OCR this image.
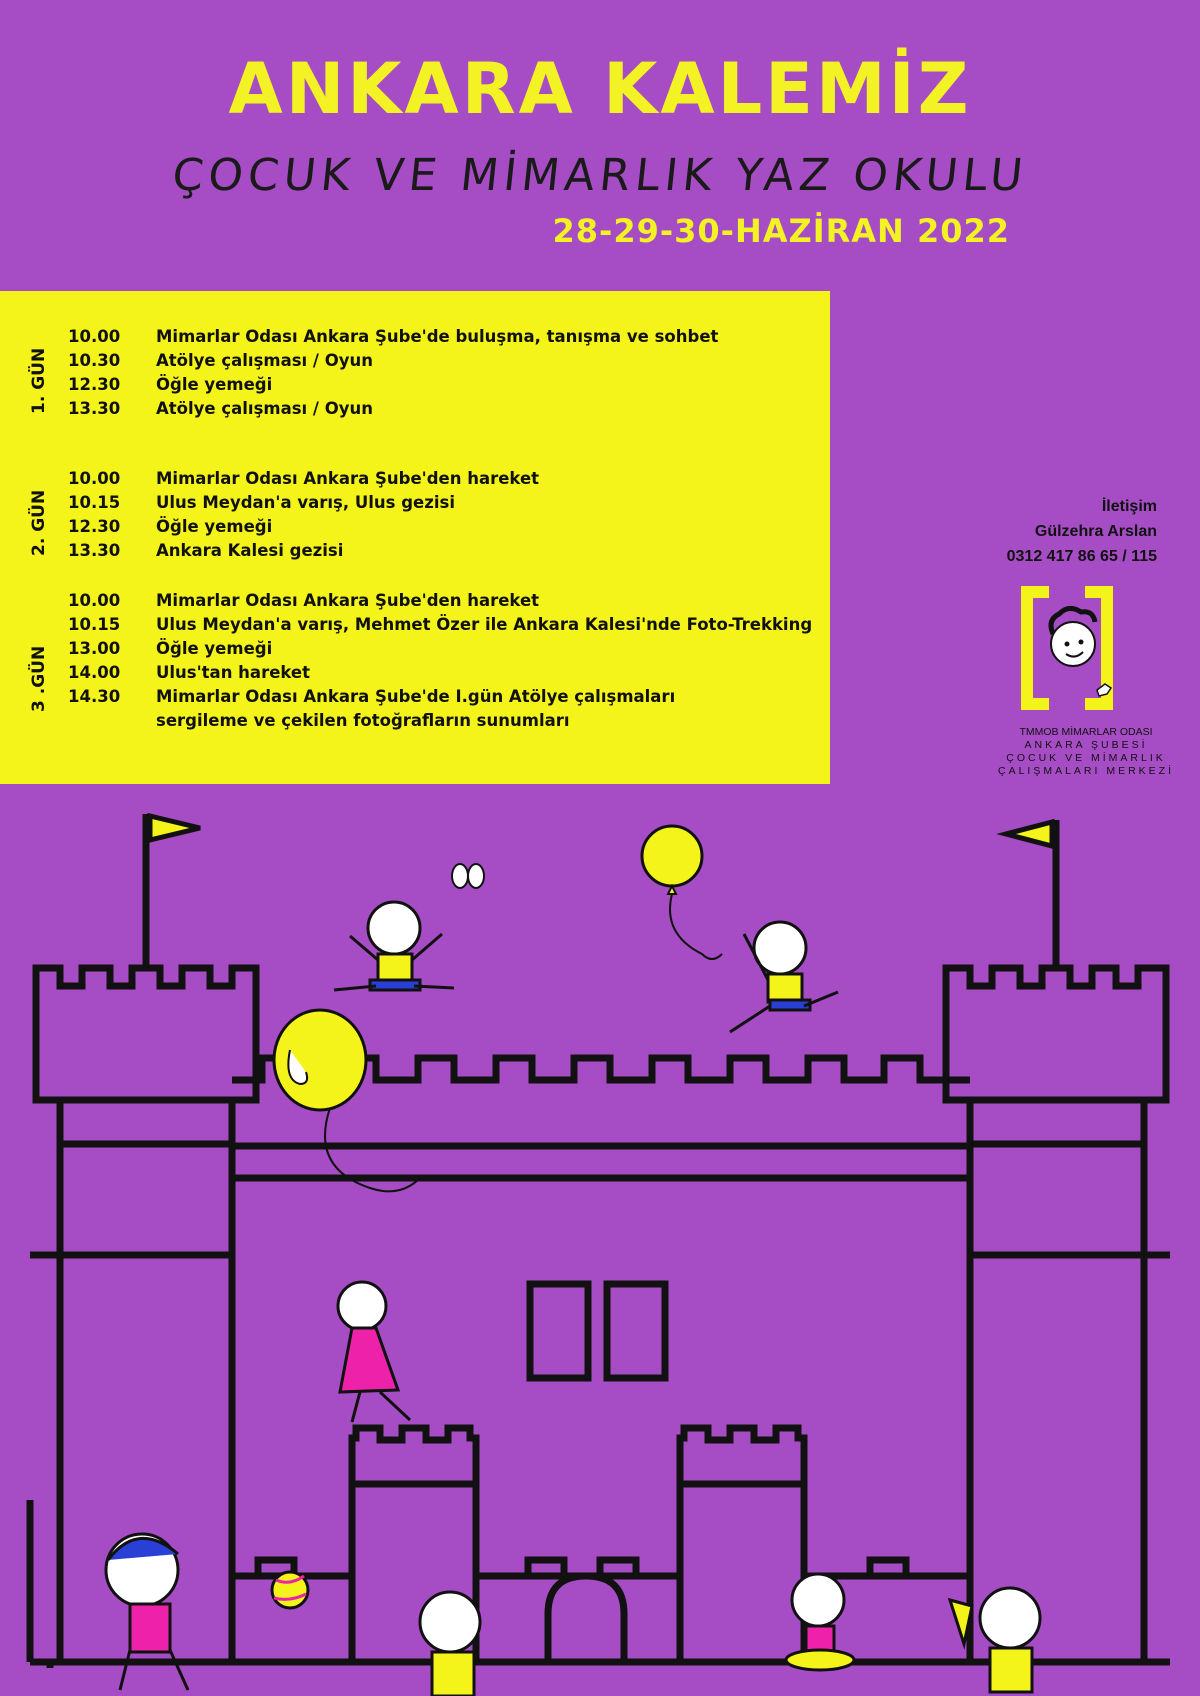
ANKARA KALEMİZ
ÇOCUK VE MİMARLIK YAZ OKULU
28-29-30-HAZİRAN 2022
1. GÜN
10.00 Mimarlar Odası Ankara Şube'de buluşma, tanışma ve sohbet
10.30 Atölye çalışması / Oyun
12.30 Öğle yemeği
13.30 Atölye çalışması / Oyun
2. GÜN
10.00 Mimarlar Odası Ankara Şube'den hareket
10.15 Ulus Meydan'a varış, Ulus gezisi
12.30 Öğle yemeği
13.30 Ankara Kalesi gezisi
3 .GÜN
10.00 Mimarlar Odası Ankara Şube'den hareket
10.15 Ulus Meydan'a varış, Mehmet Özer ile Ankara Kalesi'nde Foto-Trekking
13.00 Öğle yemeği
14.00 Ulus'tan hareket
14.30 Mimarlar Odası Ankara Şube'de I.gün Atölye çalışmaları
sergileme ve çekilen fotoğrafların sunumları
İletişim
Gülzehra Arslan
0312 417 86 65 / 115
TMMOB MİMARLAR ODASI
ANKARA ŞUBESİ
ÇOCUK VE MİMARLIK
ÇALIŞMALARI MERKEZİ
